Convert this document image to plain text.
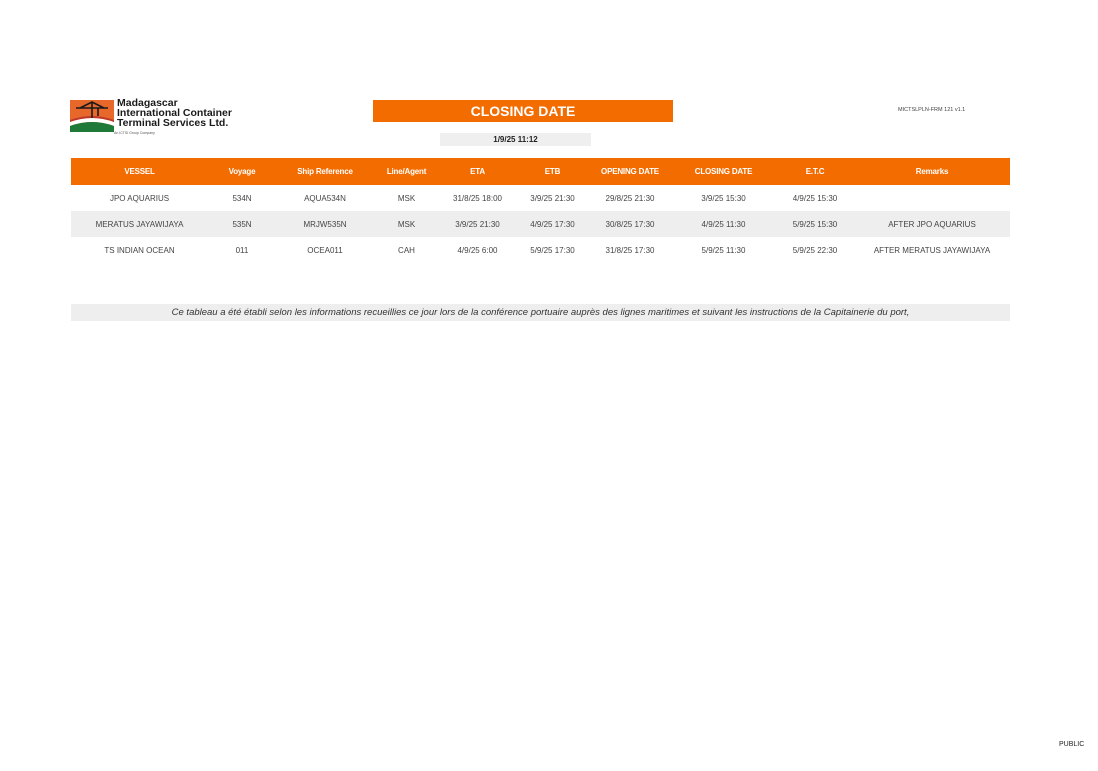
Madagascar
International Container
Terminal Services Ltd.
An ICTSI Group Company
CLOSING DATE
1/9/25 11:12
MICTSLPLN-FRM 121 v1.1
VESSEL	Voyage	Ship Reference	Line/Agent	ETA	ETB	OPENING DATE	CLOSING DATE	E.T.C	Remarks
JPO AQUARIUS	534N	AQUA534N	MSK	31/8/25 18:00	3/9/25 21:30	29/8/25 21:30	3/9/25 15:30	4/9/25 15:30	
MERATUS JAYAWIJAYA	535N	MRJW535N	MSK	3/9/25 21:30	4/9/25 17:30	30/8/25 17:30	4/9/25 11:30	5/9/25 15:30	AFTER JPO AQUARIUS
TS INDIAN OCEAN	011	OCEA011	CAH	4/9/25 6:00	5/9/25 17:30	31/8/25 17:30	5/9/25 11:30	5/9/25 22:30	AFTER MERATUS JAYAWIJAYA
Ce tableau a été établi selon les informations recueillies ce jour lors de la conférence portuaire auprès des lignes maritimes et suivant les instructions de la Capitainerie du port,
PUBLIC
